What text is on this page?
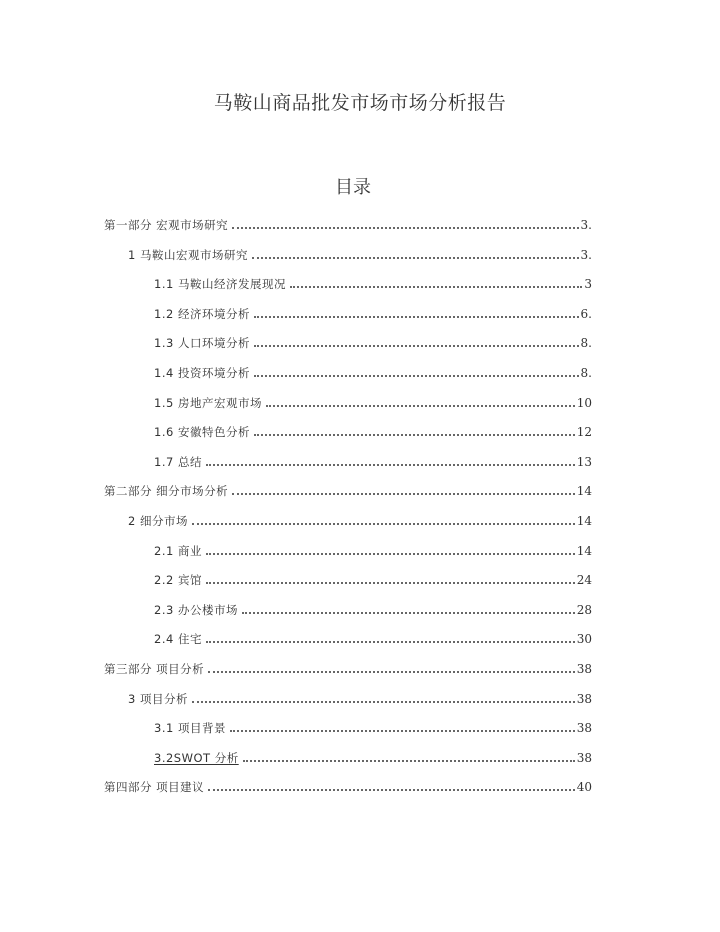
马鞍山商品批发市场市场分析报告
目录
第一部分 宏观市场研究	3.
1 马鞍山宏观市场研究	3.
1.1 马鞍山经济发展现况	3
1.2 经济环境分析	6.
1.3 人口环境分析	8.
1.4 投资环境分析	8.
1.5 房地产宏观市场	10
1.6 安徽特色分析	12
1.7 总结	13
第二部分 细分市场分析	14
2 细分市场	14
2.1 商业	14
2.2 宾馆	24
2.3 办公楼市场	28
2.4 住宅	30
第三部分 项目分析	38
3 项目分析	38
3.1 项目背景	38
3.2SWOT 分析	38
第四部分 项目建议	40
